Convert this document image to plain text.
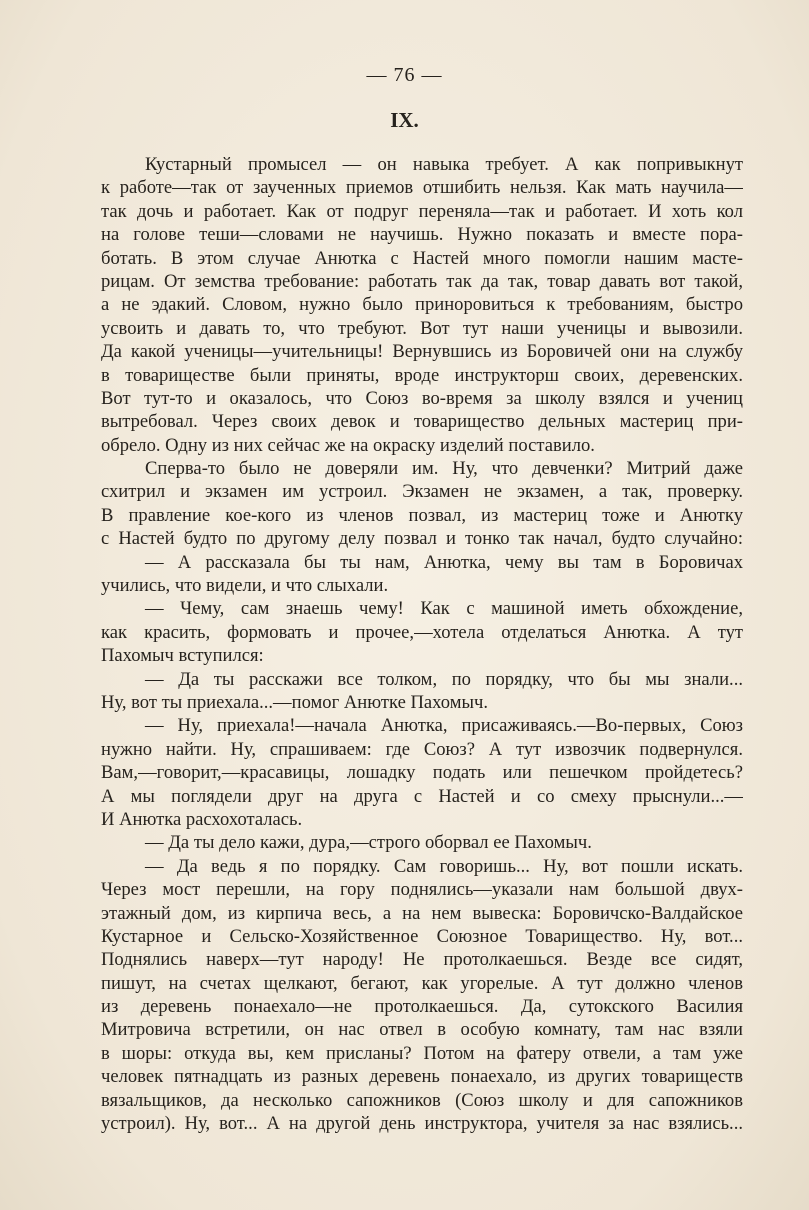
— 76 —
IX.
Кустарный промысел — он навыка требует. А как попривыкнут
к работе—так от заученных приемов отшибить нельзя. Как мать научила—
так дочь и работает. Как от подруг переняла—так и работает. И хоть кол
на голове теши—словами не научишь. Нужно показать и вместе пора-
ботать. В этом случае Анютка с Настей много помогли нашим масте-
рицам. От земства требование: работать так да так, товар давать вот такой,
а не эдакий. Словом, нужно было приноровиться к требованиям, быстро
усвоить и давать то, что требуют. Вот тут наши ученицы и вывозили.
Да какой ученицы—учительницы! Вернувшись из Боровичей они на службу
в товариществе были приняты, вроде инструкторш своих, деревенских.
Вот тут-то и оказалось, что Союз во-время за школу взялся и учениц
вытребовал. Через своих девок и товарищество дельных мастериц при-
обрело. Одну из них сейчас же на окраску изделий поставило.
Сперва-то было не доверяли им. Ну, что девченки? Митрий даже
схитрил и экзамен им устроил. Экзамен не экзамен, а так, проверку.
В правление кое-кого из членов позвал, из мастериц тоже и Анютку
с Настей будто по другому делу позвал и тонко так начал, будто случайно:
— А рассказала бы ты нам, Анютка, чему вы там в Боровичах
учились, что видели, и что слыхали.
— Чему, сам знаешь чему! Как с машиной иметь обхождение,
как красить, формовать и прочее,—хотела отделаться Анютка. А тут
Пахомыч вступился:
— Да ты расскажи все толком, по порядку, что бы мы знали...
Ну, вот ты приехала...—помог Анютке Пахомыч.
— Ну, приехала!—начала Анютка, присаживаясь.—Во-первых, Союз
нужно найти. Ну, спрашиваем: где Союз? А тут извозчик подвернулся.
Вам,—говорит,—красавицы, лошадку подать или пешечком пройдетесь?
А мы поглядели друг на друга с Настей и со смеху прыснули...—
И Анютка расхохоталась.
— Да ты дело кажи, дура,—строго оборвал ее Пахомыч.
— Да ведь я по порядку. Сам говоришь... Ну, вот пошли искать.
Через мост перешли, на гору поднялись—указали нам большой двух-
этажный дом, из кирпича весь, а на нем вывеска: Боровичско-Валдайское
Кустарное и Сельско-Хозяйственное Союзное Товарищество. Ну, вот...
Поднялись наверх—тут народу! Не протолкаешься. Везде все сидят,
пишут, на счетах щелкают, бегают, как угорелые. А тут должно членов
из деревень понаехало—не протолкаешься. Да, сутокского Василия
Митровича встретили, он нас отвел в особую комнату, там нас взяли
в шоры: откуда вы, кем присланы? Потом на фатеру отвели, а там уже
человек пятнадцать из разных деревень понаехало, из других товариществ
вязальщиков, да несколько сапожников (Союз школу и для сапожников
устроил). Ну, вот... А на другой день инструктора, учителя за нас взялись...
